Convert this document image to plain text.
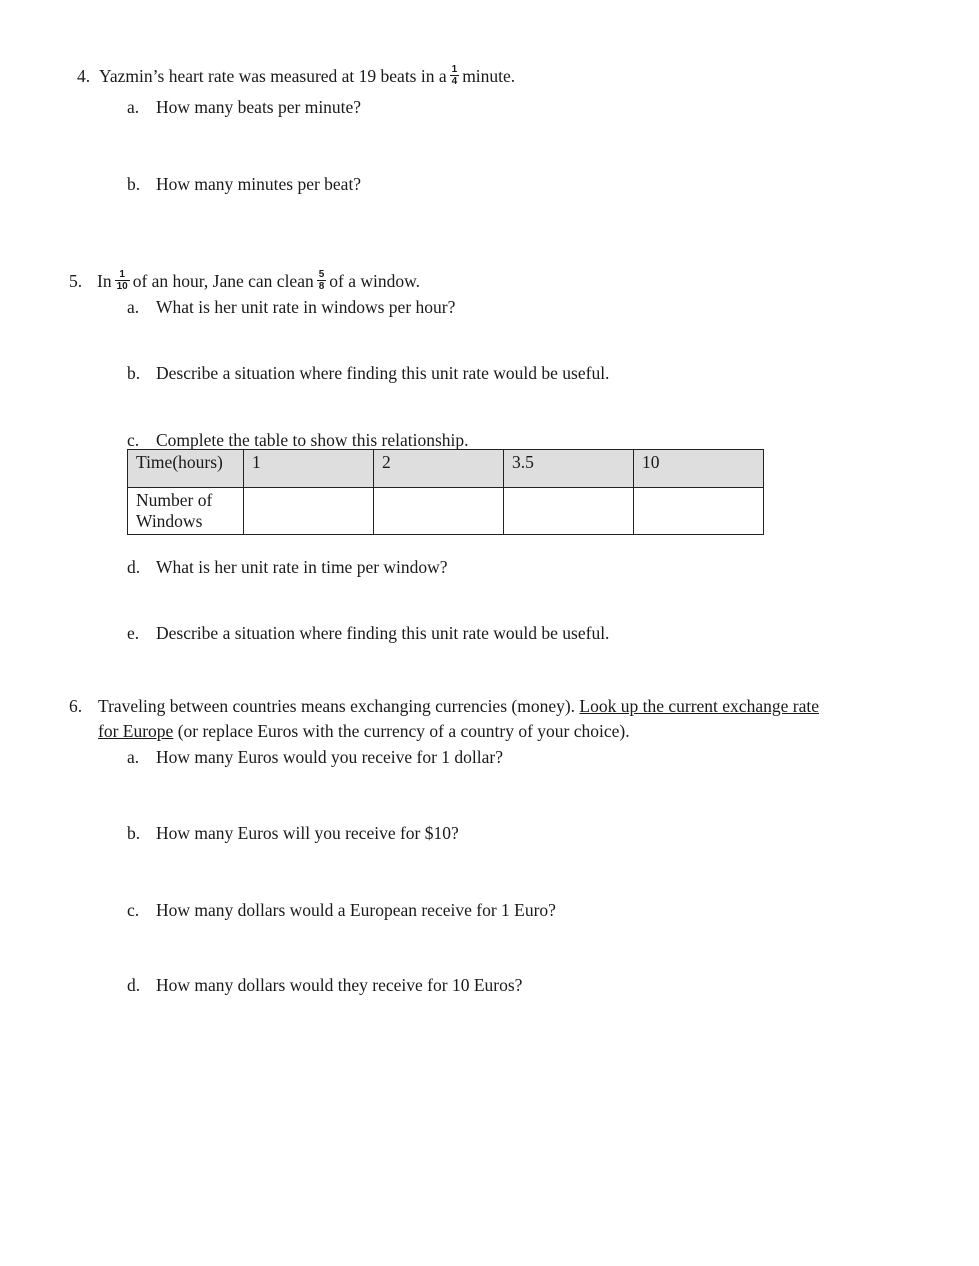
4. Yazmin’s heart rate was measured at 19 beats in a $\frac{1}{4}$ minute.
a. How many beats per minute?
b. How many minutes per beat?
5. In $\frac{1}{10}$ of an hour, Jane can clean $\frac{5}{8}$ of a window.
a. What is her unit rate in windows per hour?
b. Describe a situation where finding this unit rate would be useful.
c. Complete the table to show this relationship.
Time(hours)	1	2	3.5	10
Number of Windows				
d. What is her unit rate in time per window?
e. Describe a situation where finding this unit rate would be useful.
6. Traveling between countries means exchanging currencies (money). Look up the current exchange rate
for Europe (or replace Euros with the currency of a country of your choice).
a. How many Euros would you receive for 1 dollar?
b. How many Euros will you receive for $10?
c. How many dollars would a European receive for 1 Euro?
d. How many dollars would they receive for 10 Euros?
